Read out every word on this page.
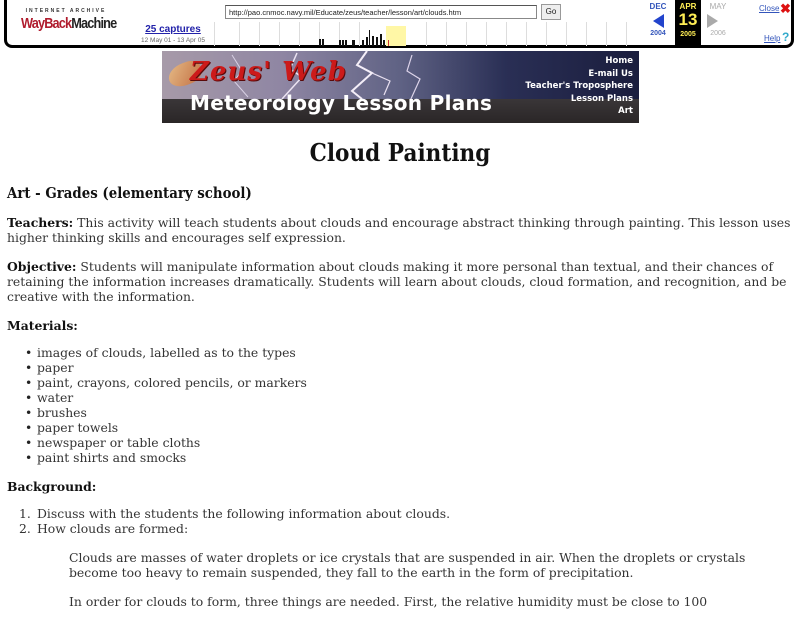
INTERNET ARCHIVE
WayBackMachine	25 captures
12 May 01 - 13 Apr 05
http://pao.cnmoc.navy.mil/Educate/zeus/teacher/lesson/art/clouds.htm
Go
DEC
2004
APR
13
2005
MAY
2006
Close ✖
Help ?
Zeus' Web
Meteorology Lesson Plans
Home
E-mail Us
Teacher's Troposphere
Lesson Plans
Art
Cloud Painting
Art - Grades (elementary school)

Teachers: This activity will teach students about clouds and encourage abstract thinking through painting. This lesson uses higher thinking skills and encourages self expression.

Objective: Students will manipulate information about clouds making it more personal than textual, and their chances of retaining the information increases dramatically. Students will learn about clouds, cloud formation, and recognition, and be creative with the information.

Materials:
• images of clouds, labelled as to the types
• paper
• paint, crayons, colored pencils, or markers
• water
• brushes
• paper towels
• newspaper or table cloths
• paint shirts and smocks
Background:
1. Discuss with the students the following information about clouds.
2. How clouds are formed:

Clouds are masses of water droplets or ice crystals that are suspended in air. When the droplets or crystals become too heavy to remain suspended, they fall to the earth in the form of precipitation.

In order for clouds to form, three things are needed. First, the relative humidity must be close to 100
